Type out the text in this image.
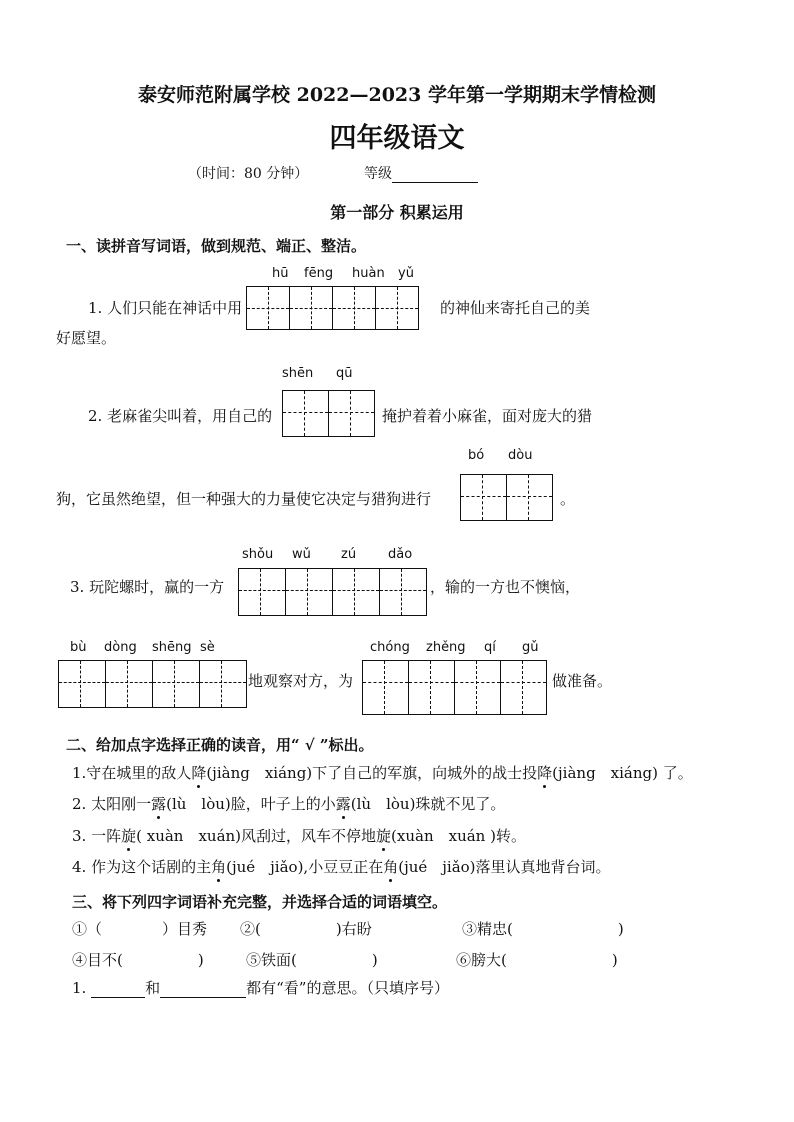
泰安师范附属学校 2022—2023 学年第一学期期末学情检测
四年级语文
（时间：80 分钟）	等级
第一部分 积累运用
一、读拼音写词语，做到规范、端正、整洁。
hū fēng huàn yǔ
1. 人们只能在神话中用	的神仙来寄托自己的美
好愿望。
shēn qū
2. 老麻雀尖叫着，用自己的	掩护着着小麻雀，面对庞大的猎
bó dòu
狗，它虽然绝望，但一种强大的力量使它决定与猎狗进行	。
shǒu wǔ zú dǎo
3. 玩陀螺时，赢的一方	，输的一方也不懊恼，
bù dòng shēng sè
地观察对方，为
chóng zhěng qí gǔ
做准备。
二、给加点字选择正确的读音，用“ √ ”标出。
1.守在城里的敌人降(jiàng　xiáng)下了自己的军旗，向城外的战士投降(jiàng　xiáng) 了。
2. 太阳刚一露(lù　lòu)脸，叶子上的小露(lù　lòu)珠就不见了。
3. 一阵旋( xuàn　xuán)风刮过，风车不停地旋(xuàn　xuán )转。
4. 作为这个话剧的主角(jué　jiǎo),小豆豆正在角(jué　jiǎo)落里认真地背台词。
三、将下列四字词语补充完整，并选择合适的词语填空。
①（　　　　）目秀 ②(　　　　　)右盼	③精忠(　　　　　　　)
④目不(　　　　　)	⑤铁面(　　　　　)	⑥膀大(　　　　　　　)
1.	和	都有“看”的意思。（只填序号）
